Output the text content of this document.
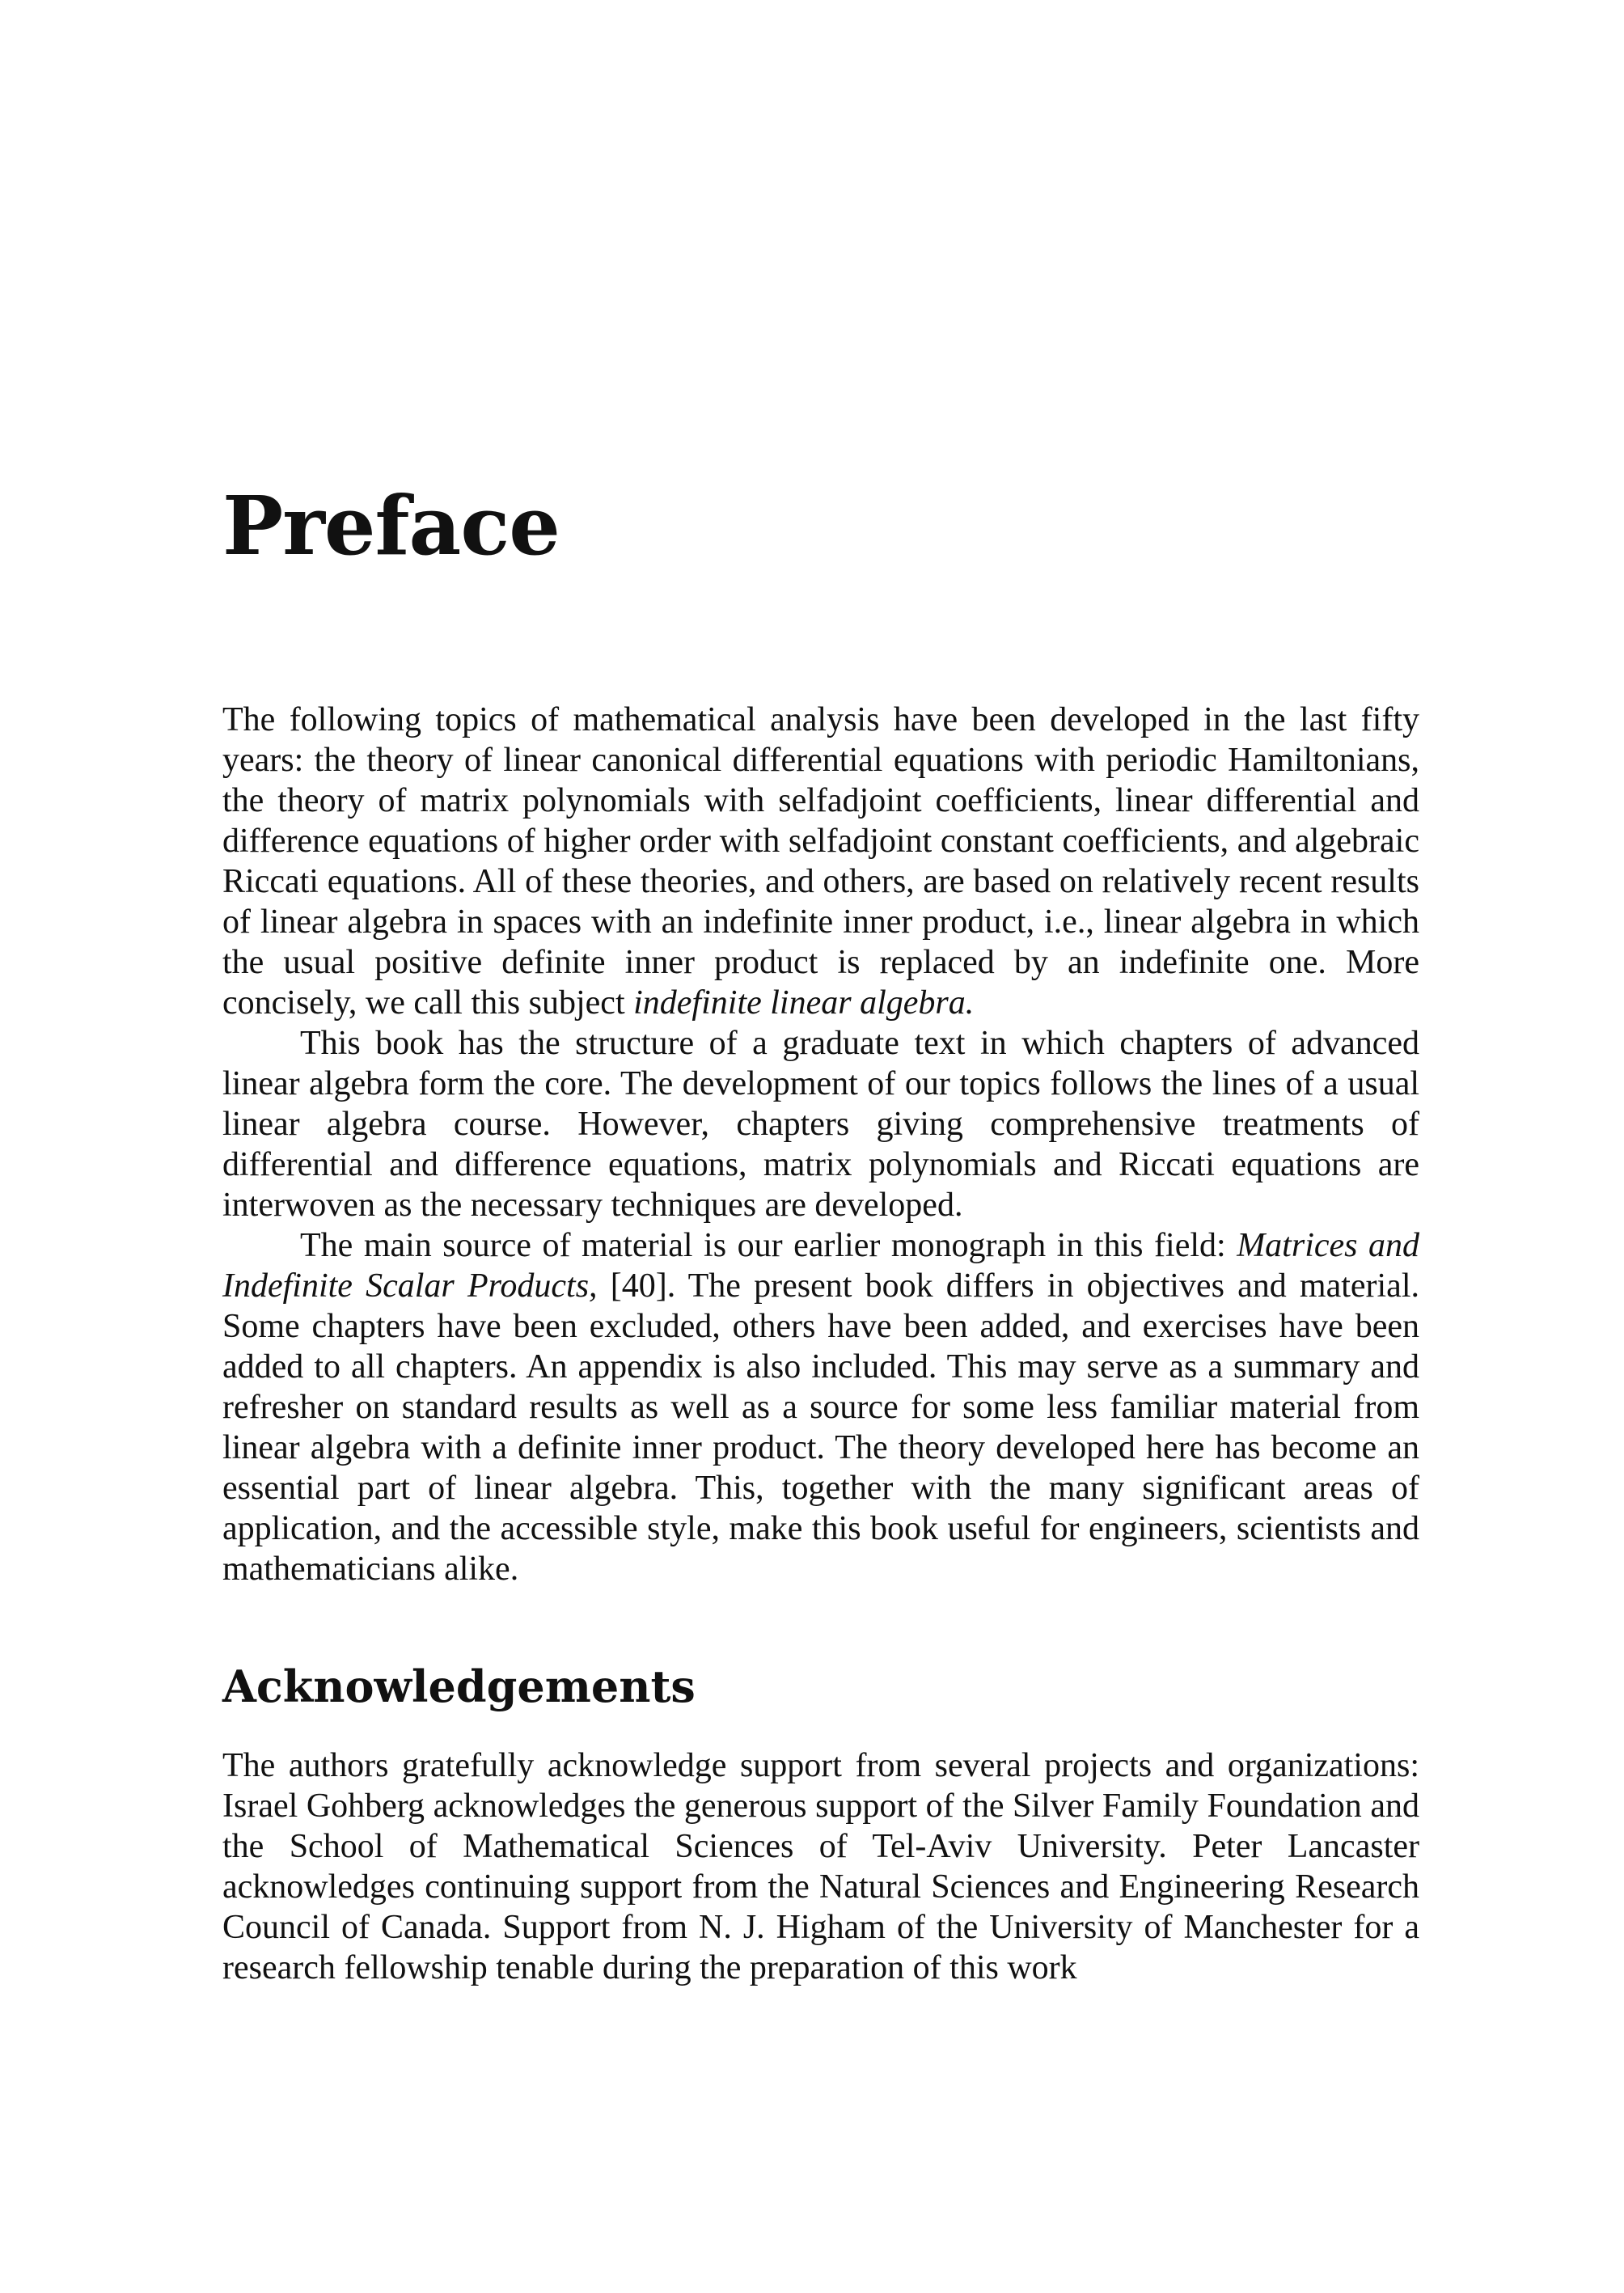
Preface

The following topics of mathematical analysis have been developed in the last fifty years: the theory of linear canonical differential equations with periodic Hamiltonians, the theory of matrix polynomials with selfadjoint coefficients, linear differential and difference equations of higher order with selfadjoint constant coefficients, and algebraic Riccati equations. All of these theories, and others, are based on relatively recent results of linear algebra in spaces with an indefinite inner product, i.e., linear algebra in which the usual positive definite inner product is replaced by an indefinite one. More concisely, we call this subject indefinite linear algebra.

This book has the structure of a graduate text in which chapters of advanced linear algebra form the core. The development of our topics follows the lines of a usual linear algebra course. However, chapters giving comprehensive treatments of differential and difference equations, matrix polynomials and Riccati equations are interwoven as the necessary techniques are developed.

The main source of material is our earlier monograph in this field: Matrices and Indefinite Scalar Products, [40]. The present book differs in objectives and material. Some chapters have been excluded, others have been added, and exercises have been added to all chapters. An appendix is also included. This may serve as a summary and refresher on standard results as well as a source for some less familiar material from linear algebra with a definite inner product. The theory developed here has become an essential part of linear algebra. This, together with the many significant areas of application, and the accessible style, make this book useful for engineers, scientists and mathematicians alike.

Acknowledgements

The authors gratefully acknowledge support from several projects and organizations: Israel Gohberg acknowledges the generous support of the Silver Family Foundation and the School of Mathematical Sciences of Tel-Aviv University. Peter Lancaster acknowledges continuing support from the Natural Sciences and Engineering Research Council of Canada. Support from N. J. Higham of the University of Manchester for a research fellowship tenable during the preparation of this work
